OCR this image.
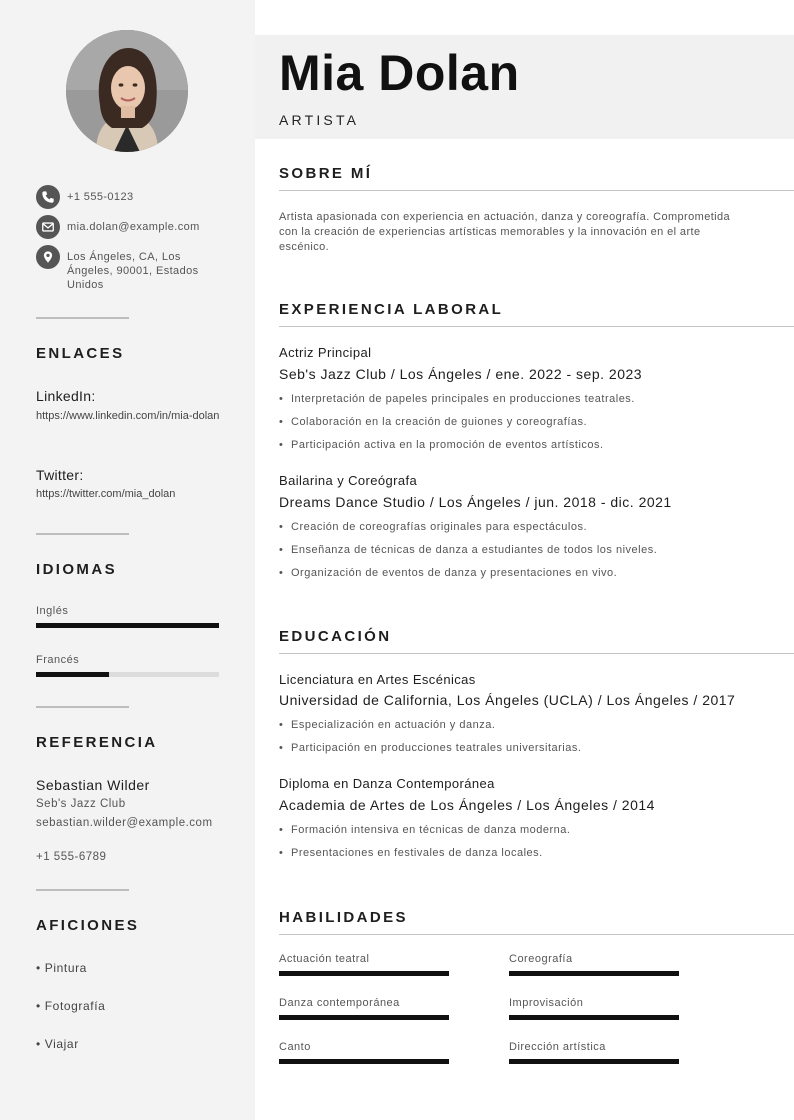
+1 555-0123
mia.dolan@example.com
Los Ángeles, CA, Los Ángeles, 90001, Estados Unidos
ENLACES
LinkedIn:
https://www.linkedin.com/in/mia-dolan
Twitter:
https://twitter.com/mia_dolan
IDIOMAS
Inglés
Francés
REFERENCIA
Sebastian Wilder
Seb's Jazz Club
sebastian.wilder@example.com
+1 555-6789
AFICIONES
• Pintura
• Fotografía
• Viajar
Mia Dolan
ARTISTA
SOBRE MÍ
Artista apasionada con experiencia en actuación, danza y coreografía. Comprometida con la creación de experiencias artísticas memorables y la innovación en el arte escénico.
EXPERIENCIA LABORAL
Actriz Principal
Seb's Jazz Club / Los Ángeles / ene. 2022 - sep. 2023
• Interpretación de papeles principales en producciones teatrales.
• Colaboración en la creación de guiones y coreografías.
• Participación activa en la promoción de eventos artísticos.
Bailarina y Coreógrafa
Dreams Dance Studio / Los Ángeles / jun. 2018 - dic. 2021
• Creación de coreografías originales para espectáculos.
• Enseñanza de técnicas de danza a estudiantes de todos los niveles.
• Organización de eventos de danza y presentaciones en vivo.
EDUCACIÓN
Licenciatura en Artes Escénicas
Universidad de California, Los Ángeles (UCLA) / Los Ángeles / 2017
• Especialización en actuación y danza.
• Participación en producciones teatrales universitarias.
Diploma en Danza Contemporánea
Academia de Artes de Los Ángeles / Los Ángeles / 2014
• Formación intensiva en técnicas de danza moderna.
• Presentaciones en festivales de danza locales.
HABILIDADES
Actuación teatral	Coreografía
Danza contemporánea	Improvisación
Canto	Dirección artística
